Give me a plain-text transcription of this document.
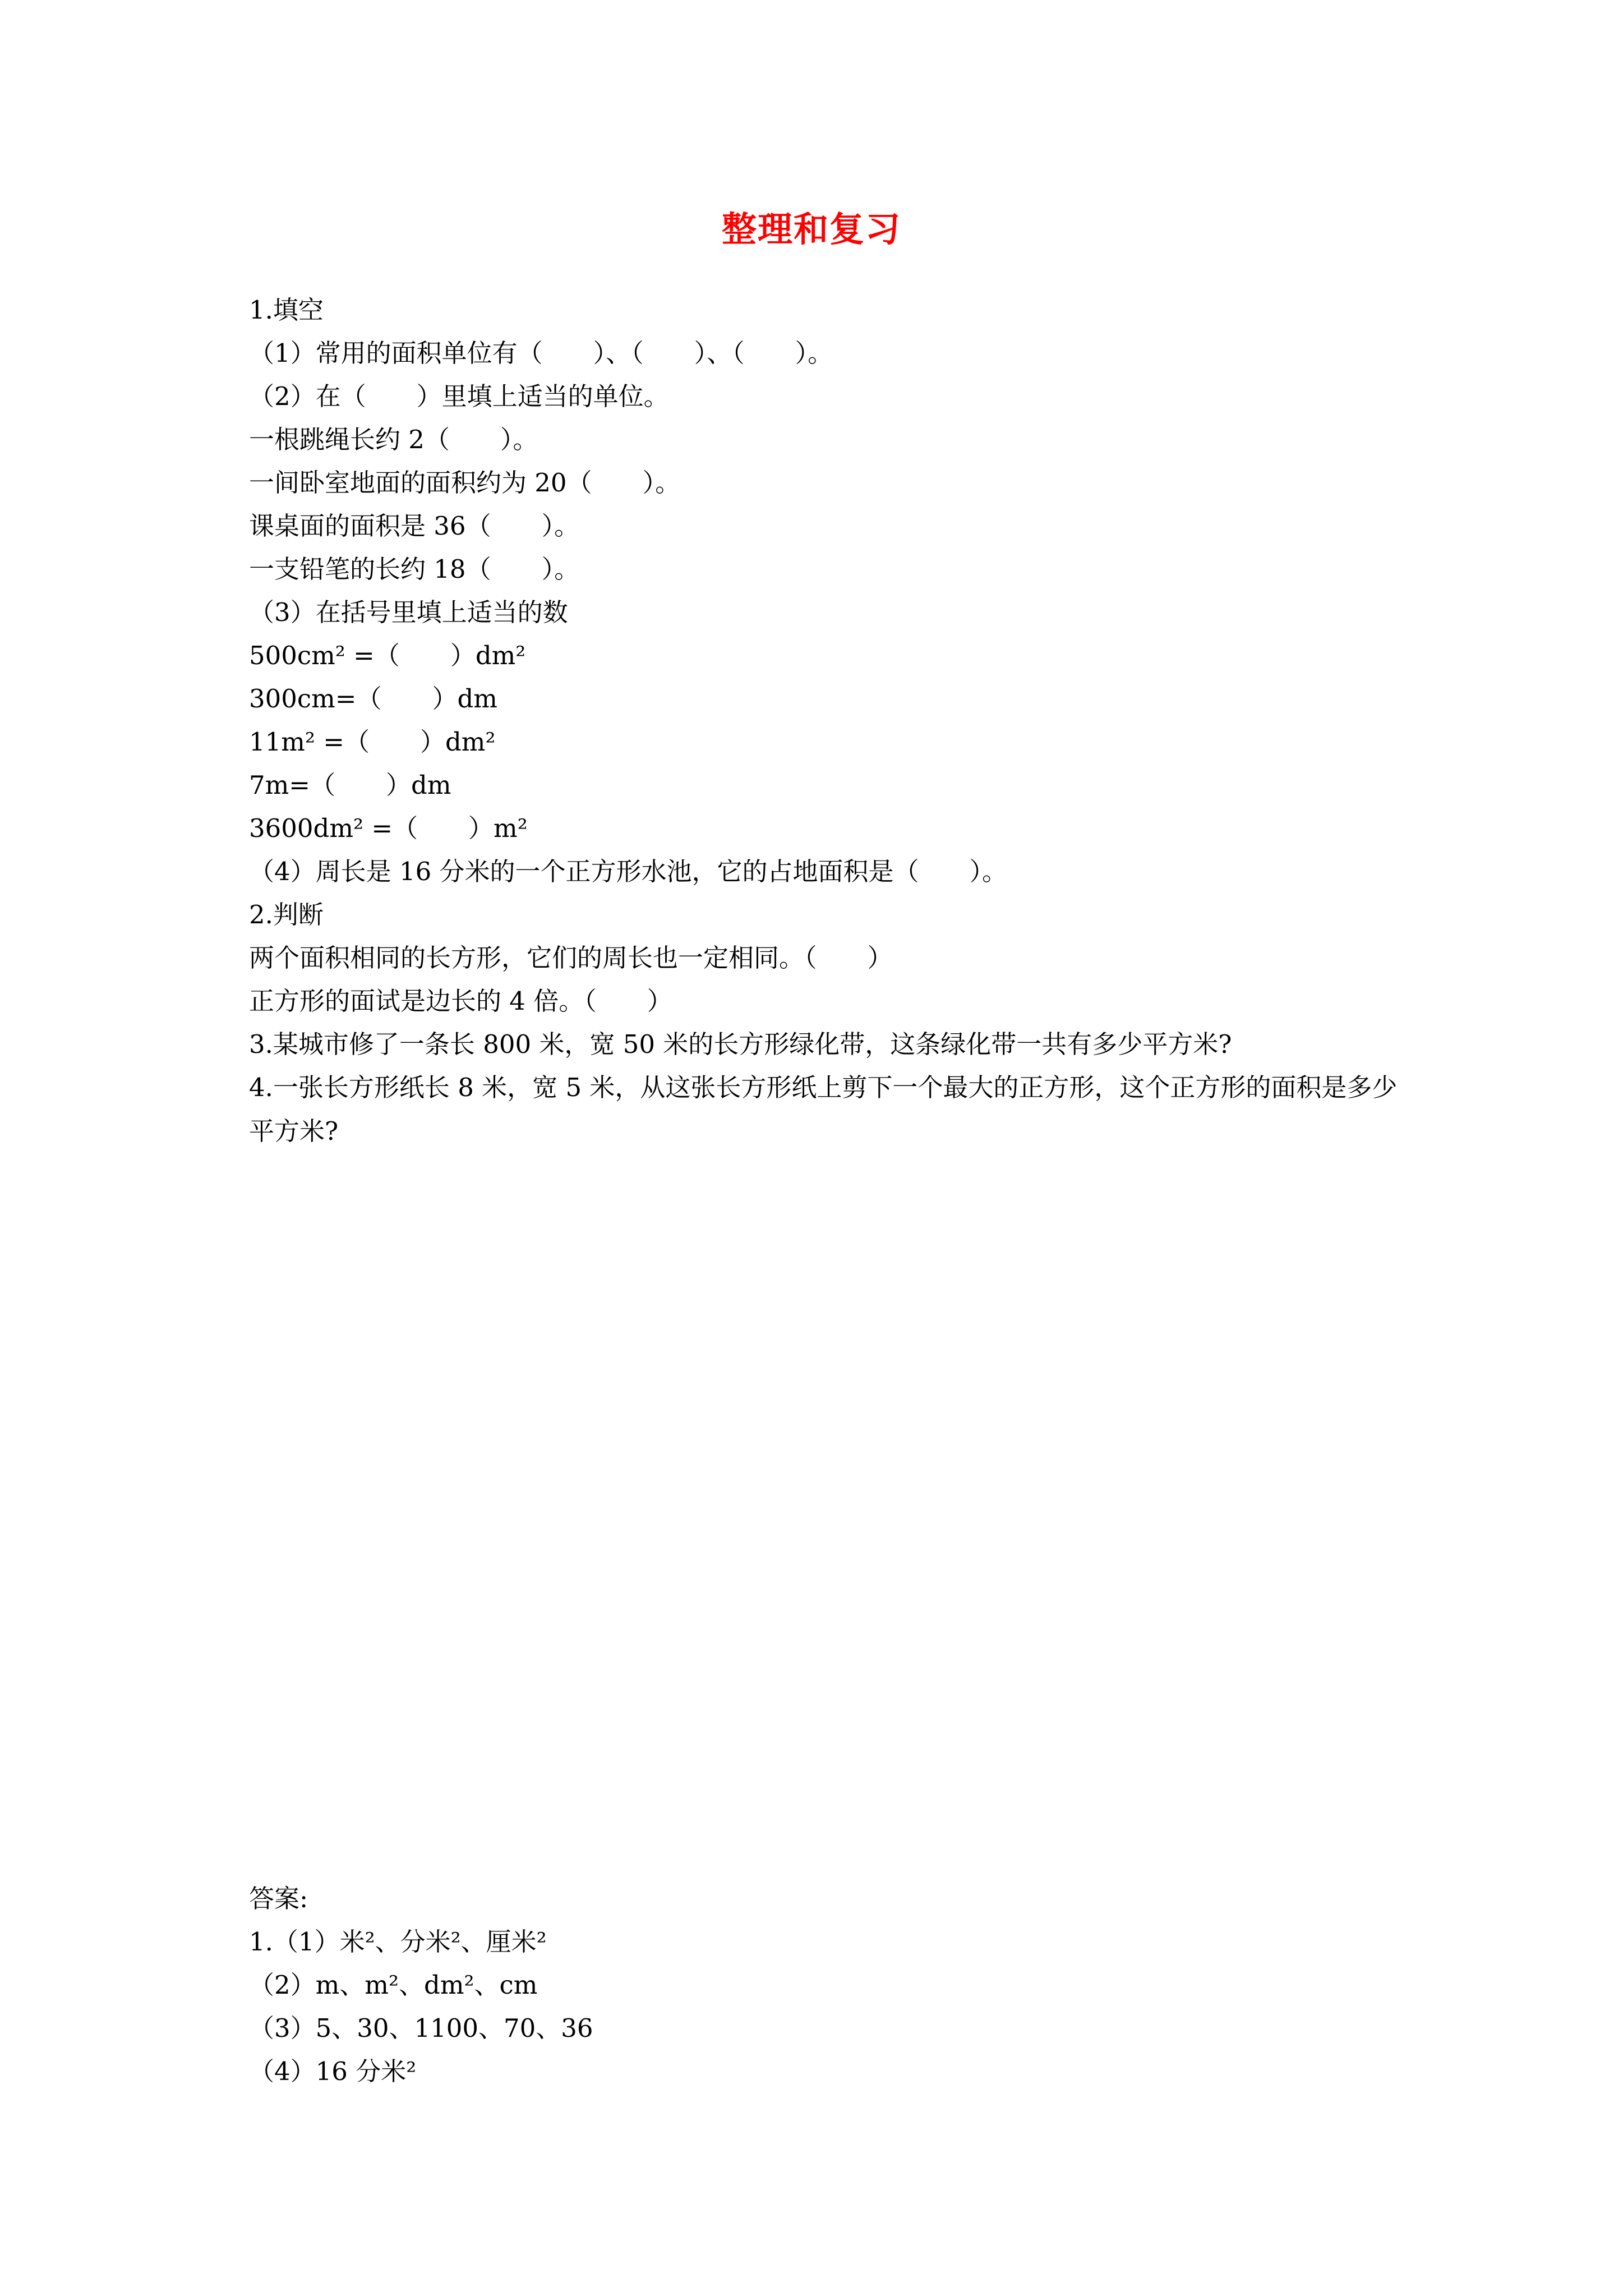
整理和复习
1.填空
（1）常用的面积单位有（　　）、（　　）、（　　）。
（2）在（　　）里填上适当的单位。
一根跳绳长约 2（　　）。
一间卧室地面的面积约为 20（　　）。
课桌面的面积是 36（　　）。
一支铅笔的长约 18（　　）。
（3）在括号里填上适当的数
500cm² =（　　）dm²
300cm=（　　）dm
11m² =（　　）dm²
7m=（　　）dm
3600dm² =（　　）m²
（4）周长是 16 分米的一个正方形水池，它的占地面积是（　　）。
2.判断
两个面积相同的长方形，它们的周长也一定相同。（　　）
正方形的面试是边长的 4 倍。（　　）
3.某城市修了一条长 800 米，宽 50 米的长方形绿化带，这条绿化带一共有多少平方米?
4.一张长方形纸长 8 米，宽 5 米，从这张长方形纸上剪下一个最大的正方形，这个正方形的面积是多少平方米?
答案:
1.（1）米²、分米²、厘米²
（2）m、m²、dm²、cm
（3）5、30、1100、70、36
（4）16 分米²
